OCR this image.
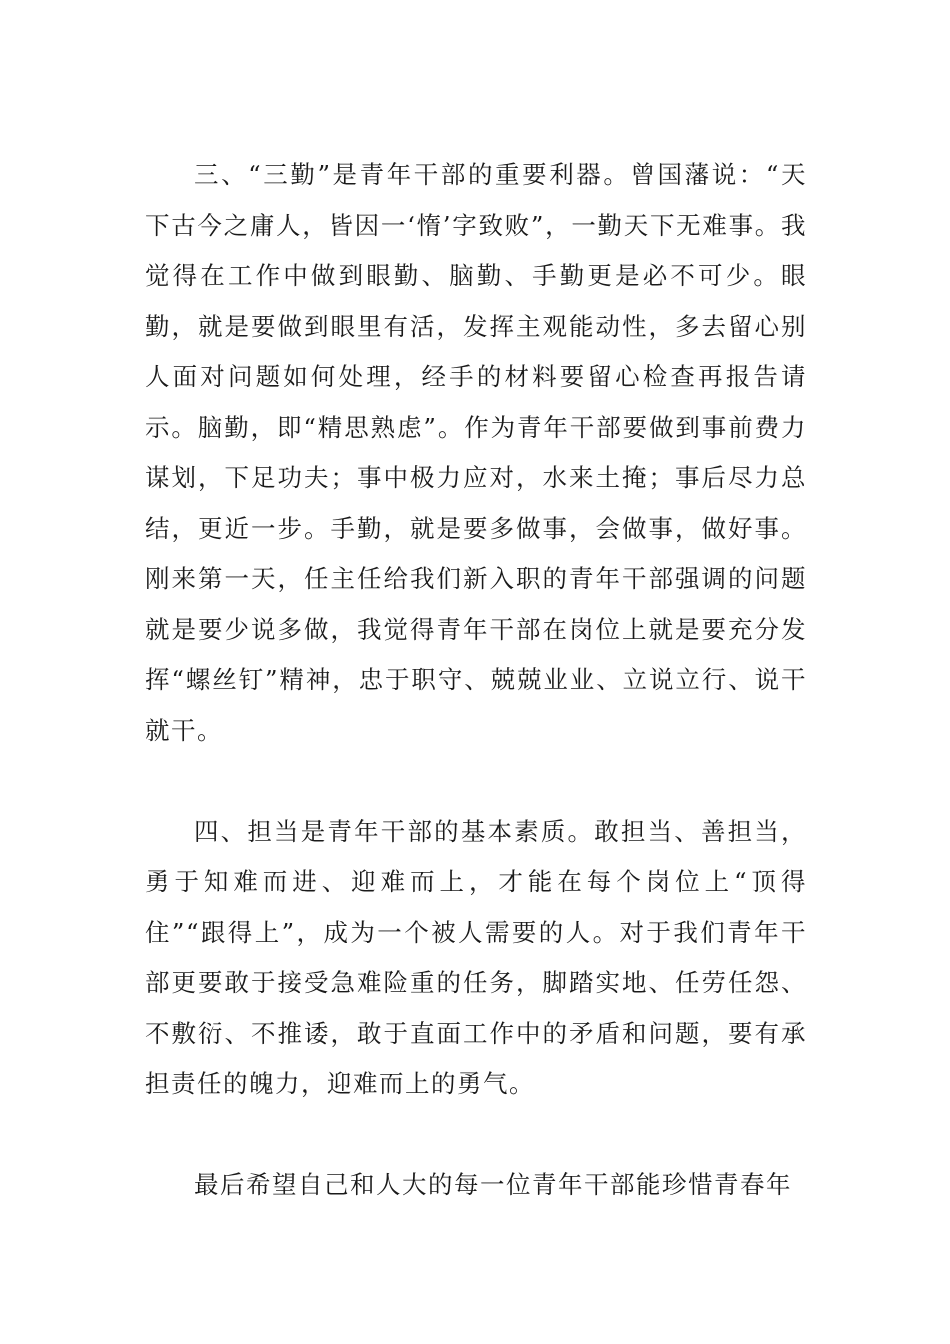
三、“三勤”是青年干部的重要利器。曾国藩说：“天下古今之庸人，皆因一‘惰’字致败”，一勤天下无难事。我觉得在工作中做到眼勤、脑勤、手勤更是必不可少。眼勤，就是要做到眼里有活，发挥主观能动性，多去留心别人面对问题如何处理，经手的材料要留心检查再报告请示。脑勤，即“精思熟虑”。作为青年干部要做到事前费力谋划，下足功夫；事中极力应对，水来土掩；事后尽力总结，更近一步。手勤，就是要多做事，会做事，做好事。刚来第一天，任主任给我们新入职的青年干部强调的问题就是要少说多做，我觉得青年干部在岗位上就是要充分发挥“螺丝钉”精神，忠于职守、兢兢业业、立说立行、说干就干。

四、担当是青年干部的基本素质。敢担当、善担当，勇于知难而进、迎难而上，才能在每个岗位上“顶得住”“跟得上”，成为一个被人需要的人。对于我们青年干部更要敢于接受急难险重的任务，脚踏实地、任劳任怨、不敷衍、不推诿，敢于直面工作中的矛盾和问题，要有承担责任的魄力，迎难而上的勇气。

最后希望自己和人大的每一位青年干部能珍惜青春年
